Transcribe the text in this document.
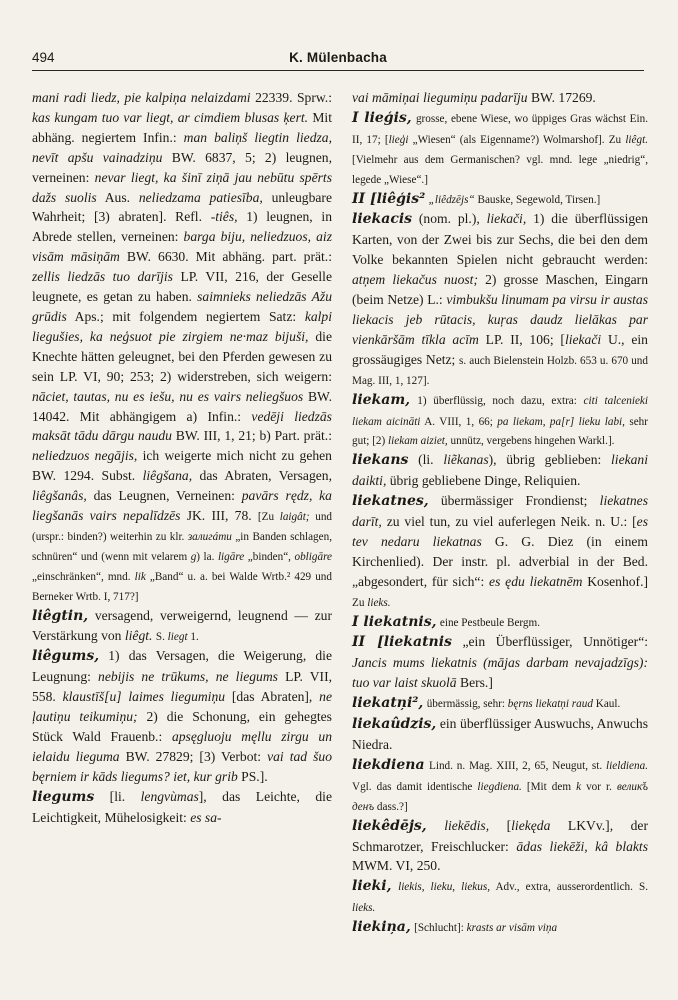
494	K. Mülenbacha
mani radi liedz, pie kalpiņa nelaizdami 22339. Sprw.: kas kungam tuo var liegt, ar cimdiem blusas ķert. Mit abhäng. negiertem Infin.: man baliņš liegtin liedza, nevīt apšu vainadziņu BW. 6837, 5; 2) leugnen, verneinen: nevar liegt, ka šinī ziņā jau nebūtu spērts dažs suolis Aus. neliedzama patiesība, unleugbare Wahrheit; [3) abraten]. Refl. -tiês, 1) leugnen, in Abrede stellen, verneinen: barga biju, neliedzuos, aiz visām māsiņām BW. 6630. Mit abhäng. part. prät.: zellis liedzās tuo darījis LP. VII, 216, der Geselle leugnete, es getan zu haben. saimnieks neliedzās Ažu grūdis Aps.; mit folgendem negiertem Satz: kalpi liegušies, ka neģsuot pie zirgiem ne·maz bijuši, die Knechte hätten geleugnet, bei den Pferden gewesen zu sein LP. VI, 90; 253; 2) widerstreben, sich weigern: nāciet, tautas, nu es iešu, nu es vairs neliegšuos BW. 14042. Mit abhängigem a) Infin.: vedēji liedzās maksāt tādu dārgu naudu BW. III, 1, 21; b) Part. prät.: neliedzuos negājis, ich weigerte mich nicht zu gehen BW. 1294. Subst. liêgšana, das Abraten, Versagen, liêgšanâs, das Leugnen, Verneinen: pavārs rędz, ka liegšanās vairs nepalīdzēs JK. III, 78. [Zu laigât; und (urspr.: binden?) weiterhin zu klr. залигáти „in Banden schlagen, schnüren“ und (wenn mit velarem g) la. ligāre „binden“, obligāre „einschränken“, mnd. lik „Band“ u. a. bei Walde Wrtb.² 429 und Berneker Wrtb. I, 717?]
liêgtin, versagend, verweigernd, leugnend — zur Verstärkung von liêgt. S. liegt 1.
liêgums, 1) das Versagen, die Weigerung, die Leugnung: nebijis ne trūkums, ne liegums LP. VII, 558. klaustīš[u] laimes liegumiņu [das Abraten], ne ļautiņu teikumiņu; 2) die Schonung, ein gehegtes Stück Wald Frauenb.: apsęgluoju męllu zirgu un ielaidu lieguma BW. 27829; [3) Verbot: vai tad šuo bęrniem ir kāds liegums? iet, kur grib PS.].
liegums [li. lengvùmas], das Leichte, die Leichtigkeit, Mühelosigkeit: es sa-
vai māmiņai liegumiņu padarīju BW. 17269.
I lieģis, grosse, ebene Wiese, wo üppiges Gras wächst Ein. II, 17; [lieģi „Wiesen“ (als Eigenname?) Wolmarshof]. Zu liêgt. [Vielmehr aus dem Germanischen? vgl. mnd. lege „niedrig“, legede „Wiese“.]
II [liêģis² „liêdzējs“ Bauske, Segewold, Tirsen.]
liekacis (nom. pl.), liekači, 1) die überflüssigen Karten, von der Zwei bis zur Sechs, die bei den dem Volke bekannten Spielen nicht gebraucht werden: atņem liekačus nuost; 2) grosse Maschen, Eingarn (beim Netze) L.: vimbukšu linumam pa virsu ir austas liekacis jeb rūtacis, kuŗas daudz lielākas par vienkāršām tīkla acīm LP. II, 106; [liekači U., ein grossäugiges Netz; s. auch Bielenstein Holzb. 653 u. 670 und Mag. III, 1, 127].
liekam, 1) überflüssig, noch dazu, extra: citi talcenieki liekam aicināti A. VIII, 1, 66; pa liekam, pa[r] lieku labi, sehr gut; [2) liekam aiziet, unnütz, vergebens hingehen Warkl.].
liekans (li. liẽkanas), übrig geblieben: liekani daikti, übrig gebliebene Dinge, Reliquien.
liekatnes, übermässiger Frondienst; liekatnes darīt, zu viel tun, zu viel auferlegen Neik. n. U.: [es tev nedaru liekatnas G. G. Diez (in einem Kirchenlied). Der instr. pl. adverbial in der Bed. „abgesondert, für sich“: es ędu liekatnēm Kosenhof.] Zu lieks.
I liekatnis, eine Pestbeule Bergm.
II [liekatnis „ein Überflüssiger, Unnötiger“: Jancis mums liekatnis (mājas darbam nevajadzīgs): tuo var laist skuolā Bers.]
liekatņi², übermässig, sehr: bęrns liekatņi raud Kaul.
liekaûdzis, ein überflüssiger Auswuchs, Anwuchs Niedra.
liekdiena Lind. n. Mag. XIII, 2, 65, Neugut, st. lieldiena. Vgl. das damit identische liegdiena. [Mit dem k vor r. велик̌ъ денъ dass.?]
liekêdējs, liekēdis, [liekęda LKVv.], der Schmarotzer, Freischlucker: ādas liekēži, kâ blakts MWM. VI, 250.
lieki, liekis, lieku, liekus, Adv., extra, ausserordentlich. S. lieks.
liekiņa, [Schlucht]: krasts ar visām viņa
